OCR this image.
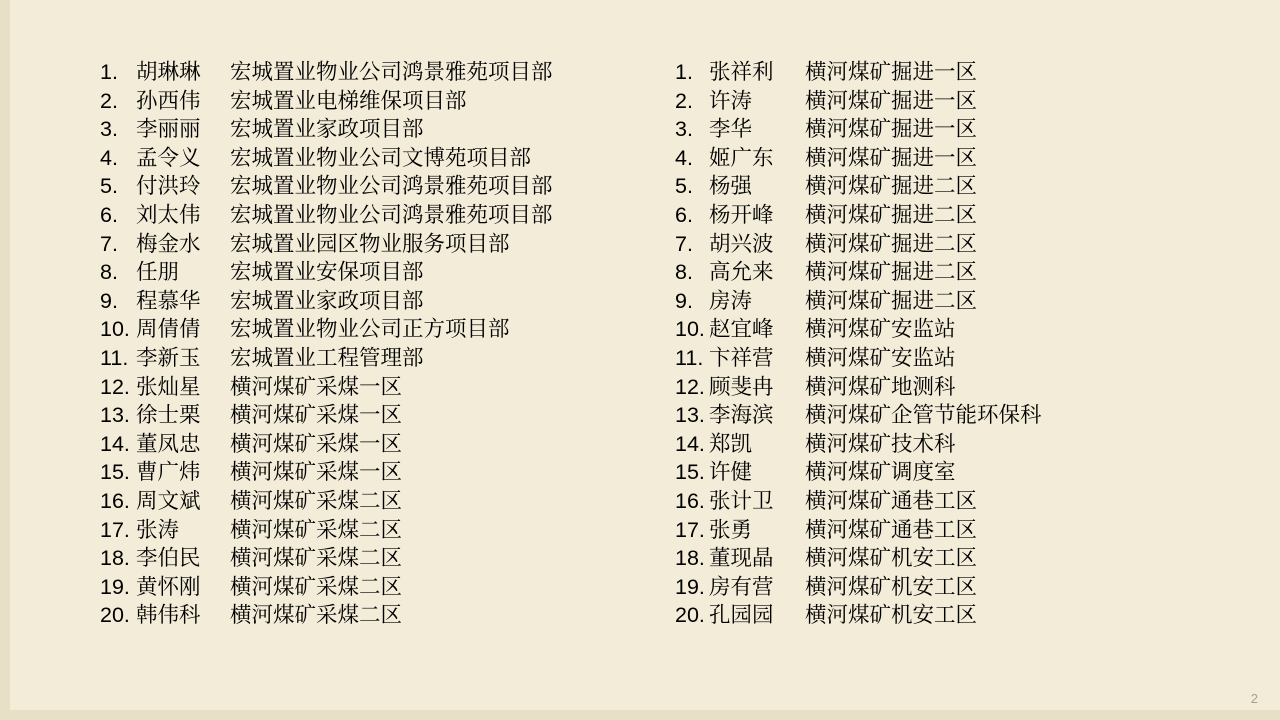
1. 胡琳琳	宏城置业物业公司鸿景雅苑项目部
2. 孙西伟	宏城置业电梯维保项目部
3. 李丽丽	宏城置业家政项目部
4. 孟令义	宏城置业物业公司文博苑项目部
5. 付洪玲	宏城置业物业公司鸿景雅苑项目部
6. 刘太伟	宏城置业物业公司鸿景雅苑项目部
7. 梅金水	宏城置业园区物业服务项目部
8. 任朋	宏城置业安保项目部
9. 程慕华	宏城置业家政项目部
10. 周倩倩	宏城置业物业公司正方项目部
11. 李新玉	宏城置业工程管理部
12. 张灿星	横河煤矿采煤一区
13. 徐士栗	横河煤矿采煤一区
14. 董凤忠	横河煤矿采煤一区
15. 曹广炜	横河煤矿采煤一区
16. 周文斌	横河煤矿采煤二区
17. 张涛	横河煤矿采煤二区
18. 李伯民	横河煤矿采煤二区
19. 黄怀刚	横河煤矿采煤二区
20. 韩伟科	横河煤矿采煤二区
1. 张祥利	横河煤矿掘进一区
2. 许涛	横河煤矿掘进一区
3. 李华	横河煤矿掘进一区
4. 姬广东	横河煤矿掘进一区
5. 杨强	横河煤矿掘进二区
6. 杨开峰	横河煤矿掘进二区
7. 胡兴波	横河煤矿掘进二区
8. 高允来	横河煤矿掘进二区
9. 房涛	横河煤矿掘进二区
10. 赵宜峰	横河煤矿安监站
11. 卞祥营	横河煤矿安监站
12. 顾斐冉	横河煤矿地测科
13. 李海滨	横河煤矿企管节能环保科
14. 郑凯	横河煤矿技术科
15. 许健	横河煤矿调度室
16. 张计卫	横河煤矿通巷工区
17. 张勇	横河煤矿通巷工区
18. 董现晶	横河煤矿机安工区
19. 房有营	横河煤矿机安工区
20. 孔园园	横河煤矿机安工区
2
